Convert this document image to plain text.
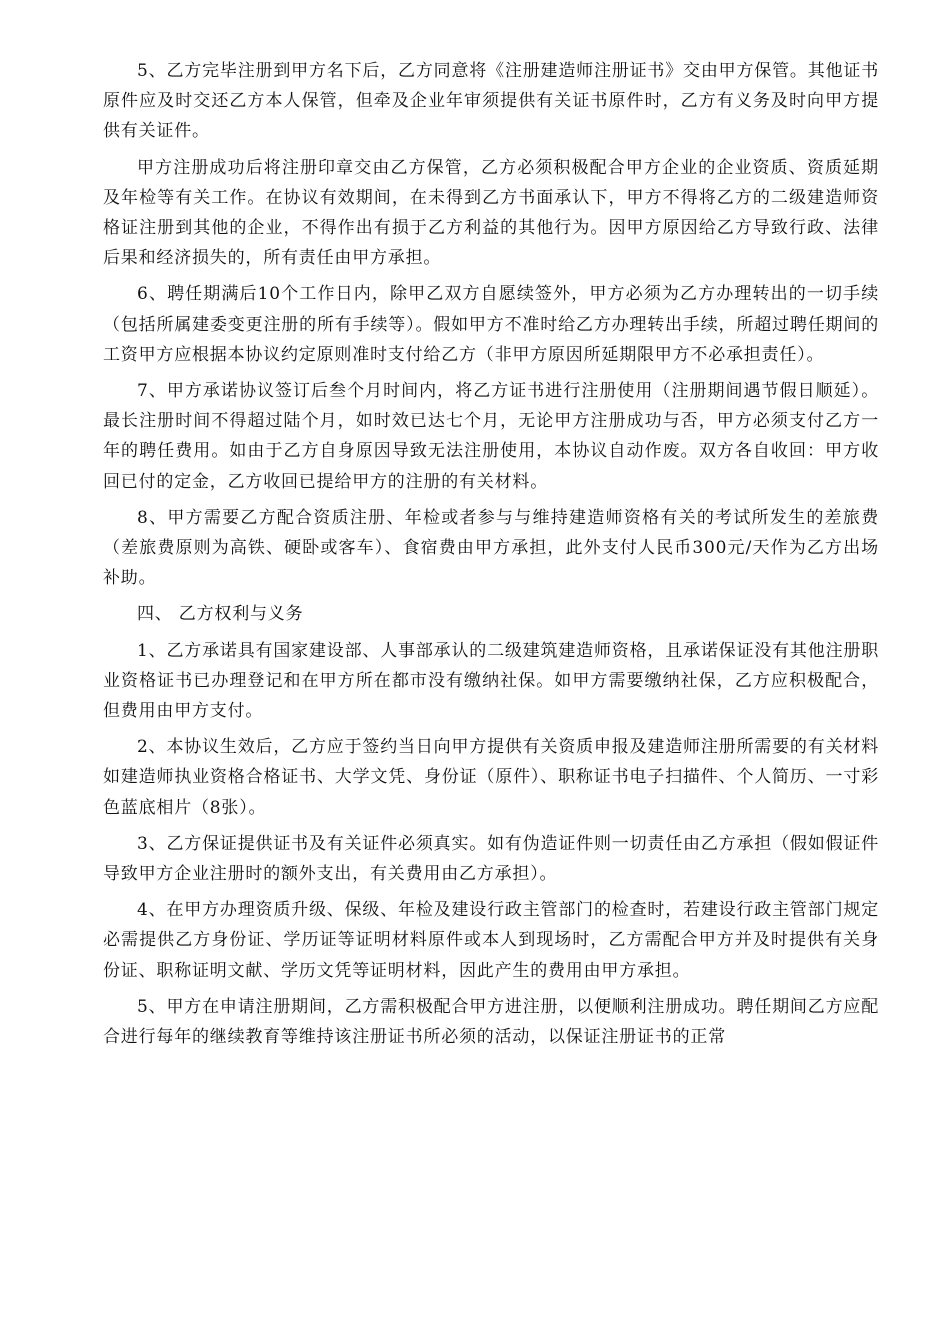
5、乙方完毕注册到甲方名下后，乙方同意将《注册建造师注册证书》交由甲方保管。其他证书原件应及时交还乙方本人保管，但牵及企业年审须提供有关证书原件时，乙方有义务及时向甲方提供有关证件。

甲方注册成功后将注册印章交由乙方保管，乙方必须积极配合甲方企业的企业资质、资质延期及年检等有关工作。在协议有效期间，在未得到乙方书面承认下，甲方不得将乙方的二级建造师资格证注册到其他的企业，不得作出有损于乙方利益的其他行为。因甲方原因给乙方导致行政、法律后果和经济损失的，所有责任由甲方承担。

6、聘任期满后10个工作日内，除甲乙双方自愿续签外，甲方必须为乙方办理转出的一切手续（包括所属建委变更注册的所有手续等）。假如甲方不准时给乙方办理转出手续，所超过聘任期间的工资甲方应根据本协议约定原则准时支付给乙方（非甲方原因所延期限甲方不必承担责任）。

7、甲方承诺协议签订后叁个月时间内，将乙方证书进行注册使用（注册期间遇节假日顺延）。最长注册时间不得超过陆个月，如时效已达七个月，无论甲方注册成功与否，甲方必须支付乙方一年的聘任费用。如由于乙方自身原因导致无法注册使用，本协议自动作废。双方各自收回：甲方收回已付的定金，乙方收回已提给甲方的注册的有关材料。

8、甲方需要乙方配合资质注册、年检或者参与与维持建造师资格有关的考试所发生的差旅费（差旅费原则为高铁、硬卧或客车）、食宿费由甲方承担，此外支付人民币300元/天作为乙方出场补助。

四、 乙方权利与义务

1、乙方承诺具有国家建设部、人事部承认的二级建筑建造师资格，且承诺保证没有其他注册职业资格证书已办理登记和在甲方所在都市没有缴纳社保。如甲方需要缴纳社保，乙方应积极配合，但费用由甲方支付。

2、本协议生效后，乙方应于签约当日向甲方提供有关资质申报及建造师注册所需要的有关材料如建造师执业资格合格证书、大学文凭、身份证（原件）、职称证书电子扫描件、个人简历、一寸彩色蓝底相片（8张）。

3、乙方保证提供证书及有关证件必须真实。如有伪造证件则一切责任由乙方承担（假如假证件导致甲方企业注册时的额外支出，有关费用由乙方承担）。

4、在甲方办理资质升级、保级、年检及建设行政主管部门的检查时，若建设行政主管部门规定必需提供乙方身份证、学历证等证明材料原件或本人到现场时，乙方需配合甲方并及时提供有关身份证、职称证明文献、学历文凭等证明材料，因此产生的费用由甲方承担。

5、甲方在申请注册期间，乙方需积极配合甲方进注册，以便顺利注册成功。聘任期间乙方应配合进行每年的继续教育等维持该注册证书所必须的活动，以保证注册证书的正常
